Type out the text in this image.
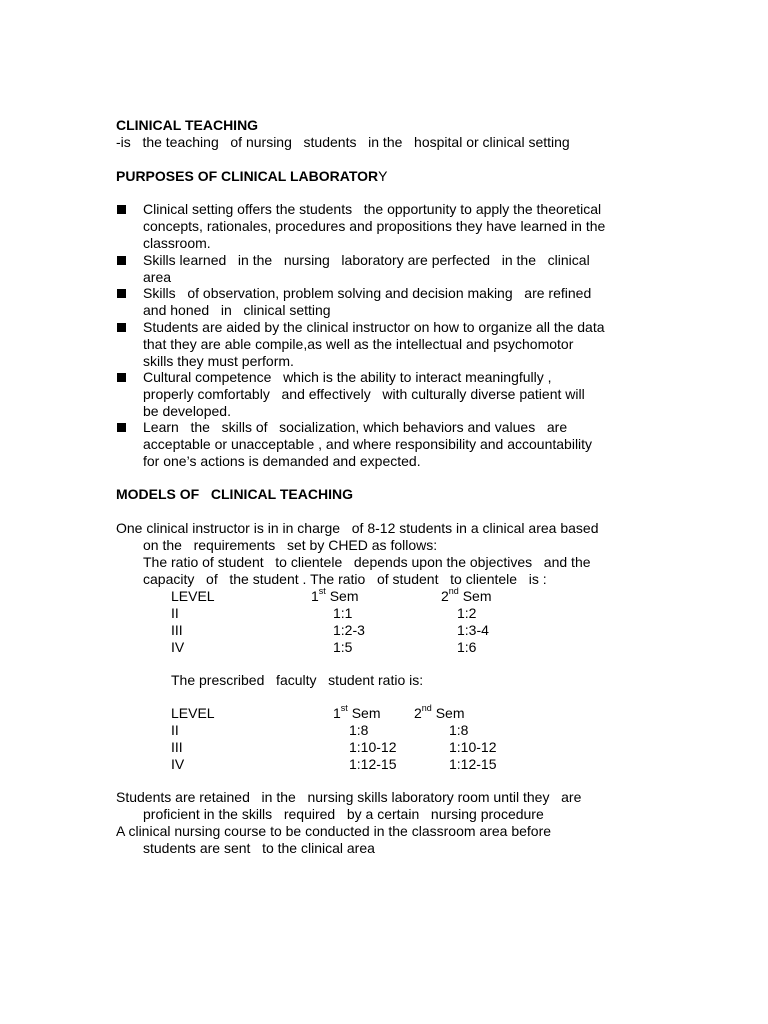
CLINICAL TEACHING
-is   the teaching   of nursing   students   in the   hospital or clinical setting
PURPOSES OF CLINICAL LABORATORY
Clinical setting offers the students   the opportunity to apply the theoretical
concepts, rationales, procedures and propositions they have learned in the
classroom.
Skills learned   in the   nursing   laboratory are perfected   in the   clinical
area
Skills   of observation, problem solving and decision making   are refined
and honed   in   clinical setting
Students are aided by the clinical instructor on how to organize all the data
that they are able compile,as well as the intellectual and psychomotor
skills they must perform.
Cultural competence   which is the ability to interact meaningfully ,
properly comfortably   and effectively   with culturally diverse patient will
be developed.
Learn   the   skills of   socialization, which behaviors and values   are
acceptable or unacceptable , and where responsibility and accountability
for one’s actions is demanded and expected.
MODELS OF   CLINICAL TEACHING
One clinical instructor is in in charge   of 8-12 students in a clinical area based
on the   requirements   set by CHED as follows:
The ratio of student   to clientele   depends upon the objectives   and the
capacity   of   the student . The ratio   of student   to clientele   is :
LEVEL	1st Sem	2nd Sem
II	1:1	1:2
III	1:2-3	1:3-4
IV	1:5	1:6
The prescribed   faculty   student ratio is:
LEVEL	1st Sem 2nd Sem
II	1:8	1:8
III	1:10-12	1:10-12
IV	1:12-15	1:12-15
Students are retained   in the   nursing skills laboratory room until they   are
proficient in the skills   required   by a certain   nursing procedure
A clinical nursing course to be conducted in the classroom area before
students are sent   to the clinical area
